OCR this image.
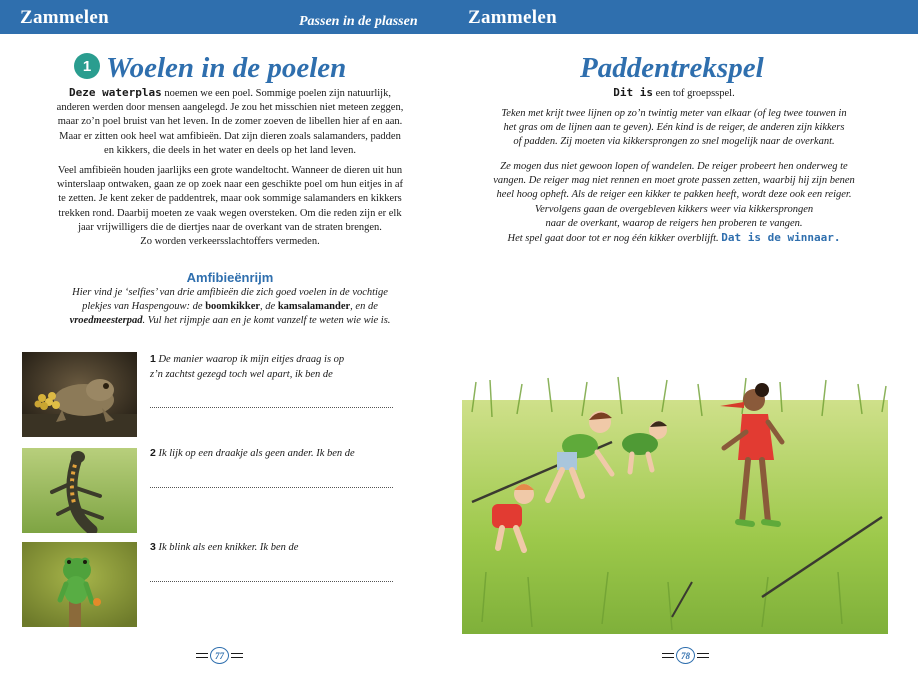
Zammelen	Passen in de plassen	Zammelen
1 Woelen in de poelen
Deze waterplas noemen we een poel. Sommige poelen zijn natuurlijk,
anderen werden door mensen aangelegd. Je zou het misschien niet meteen zeggen,
maar zo’n poel bruist van het leven. In de zomer zoeven de libellen hier af en aan.
Maar er zitten ook heel wat amfibieën. Dat zijn dieren zoals salamanders, padden
en kikkers, die deels in het water en deels op het land leven.
Veel amfibieën houden jaarlijks een grote wandeltocht. Wanneer de dieren uit hun
winterslaap ontwaken, gaan ze op zoek naar een geschikte poel om hun eitjes in af
te zetten. Je kent zeker de paddentrek, maar ook sommige salamanders en kikkers
trekken rond. Daarbij moeten ze vaak wegen oversteken. Om die reden zijn er elk
jaar vrijwilligers die de diertjes naar de overkant van de straten brengen.
Zo worden verkeersslachtoffers vermeden.
Amfibieënrijm
Hier vind je ‘selfies’ van drie amfibieën die zich goed voelen in de vochtige
plekjes van Haspengouw: de boomkikker, de kamsalamander, en de
vroedmeesterpad. Vul het rijmpje aan en je komt vanzelf te weten wie wie is.
1 De manier waarop ik mijn eitjes draag is op
z’n zachtst gezegd toch wel apart, ik ben de
2 Ik lijk op een draakje als geen ander. Ik ben de
3 Ik blink als een knikker. Ik ben de
77
Paddentrekspel
Dit is een tof groepsspel.
Teken met krijt twee lijnen op zo’n twintig meter van elkaar (of leg twee touwen in
het gras om de lijnen aan te geven). Eén kind is de reiger, de anderen zijn kikkers
of padden. Zij moeten via kikkersprongen zo snel mogelijk naar de overkant.
Ze mogen dus niet gewoon lopen of wandelen. De reiger probeert hen onderweg te
vangen. De reiger mag niet rennen en moet grote passen zetten, waarbij hij zijn benen
heel hoog opheft. Als de reiger een kikker te pakken heeft, wordt deze ook een reiger.
Vervolgens gaan de overgebleven kikkers weer via kikkersprongen
naar de overkant, waarop de reigers hen proberen te vangen.
Het spel gaat door tot er nog één kikker overblijft. Dat is de winnaar.
78
